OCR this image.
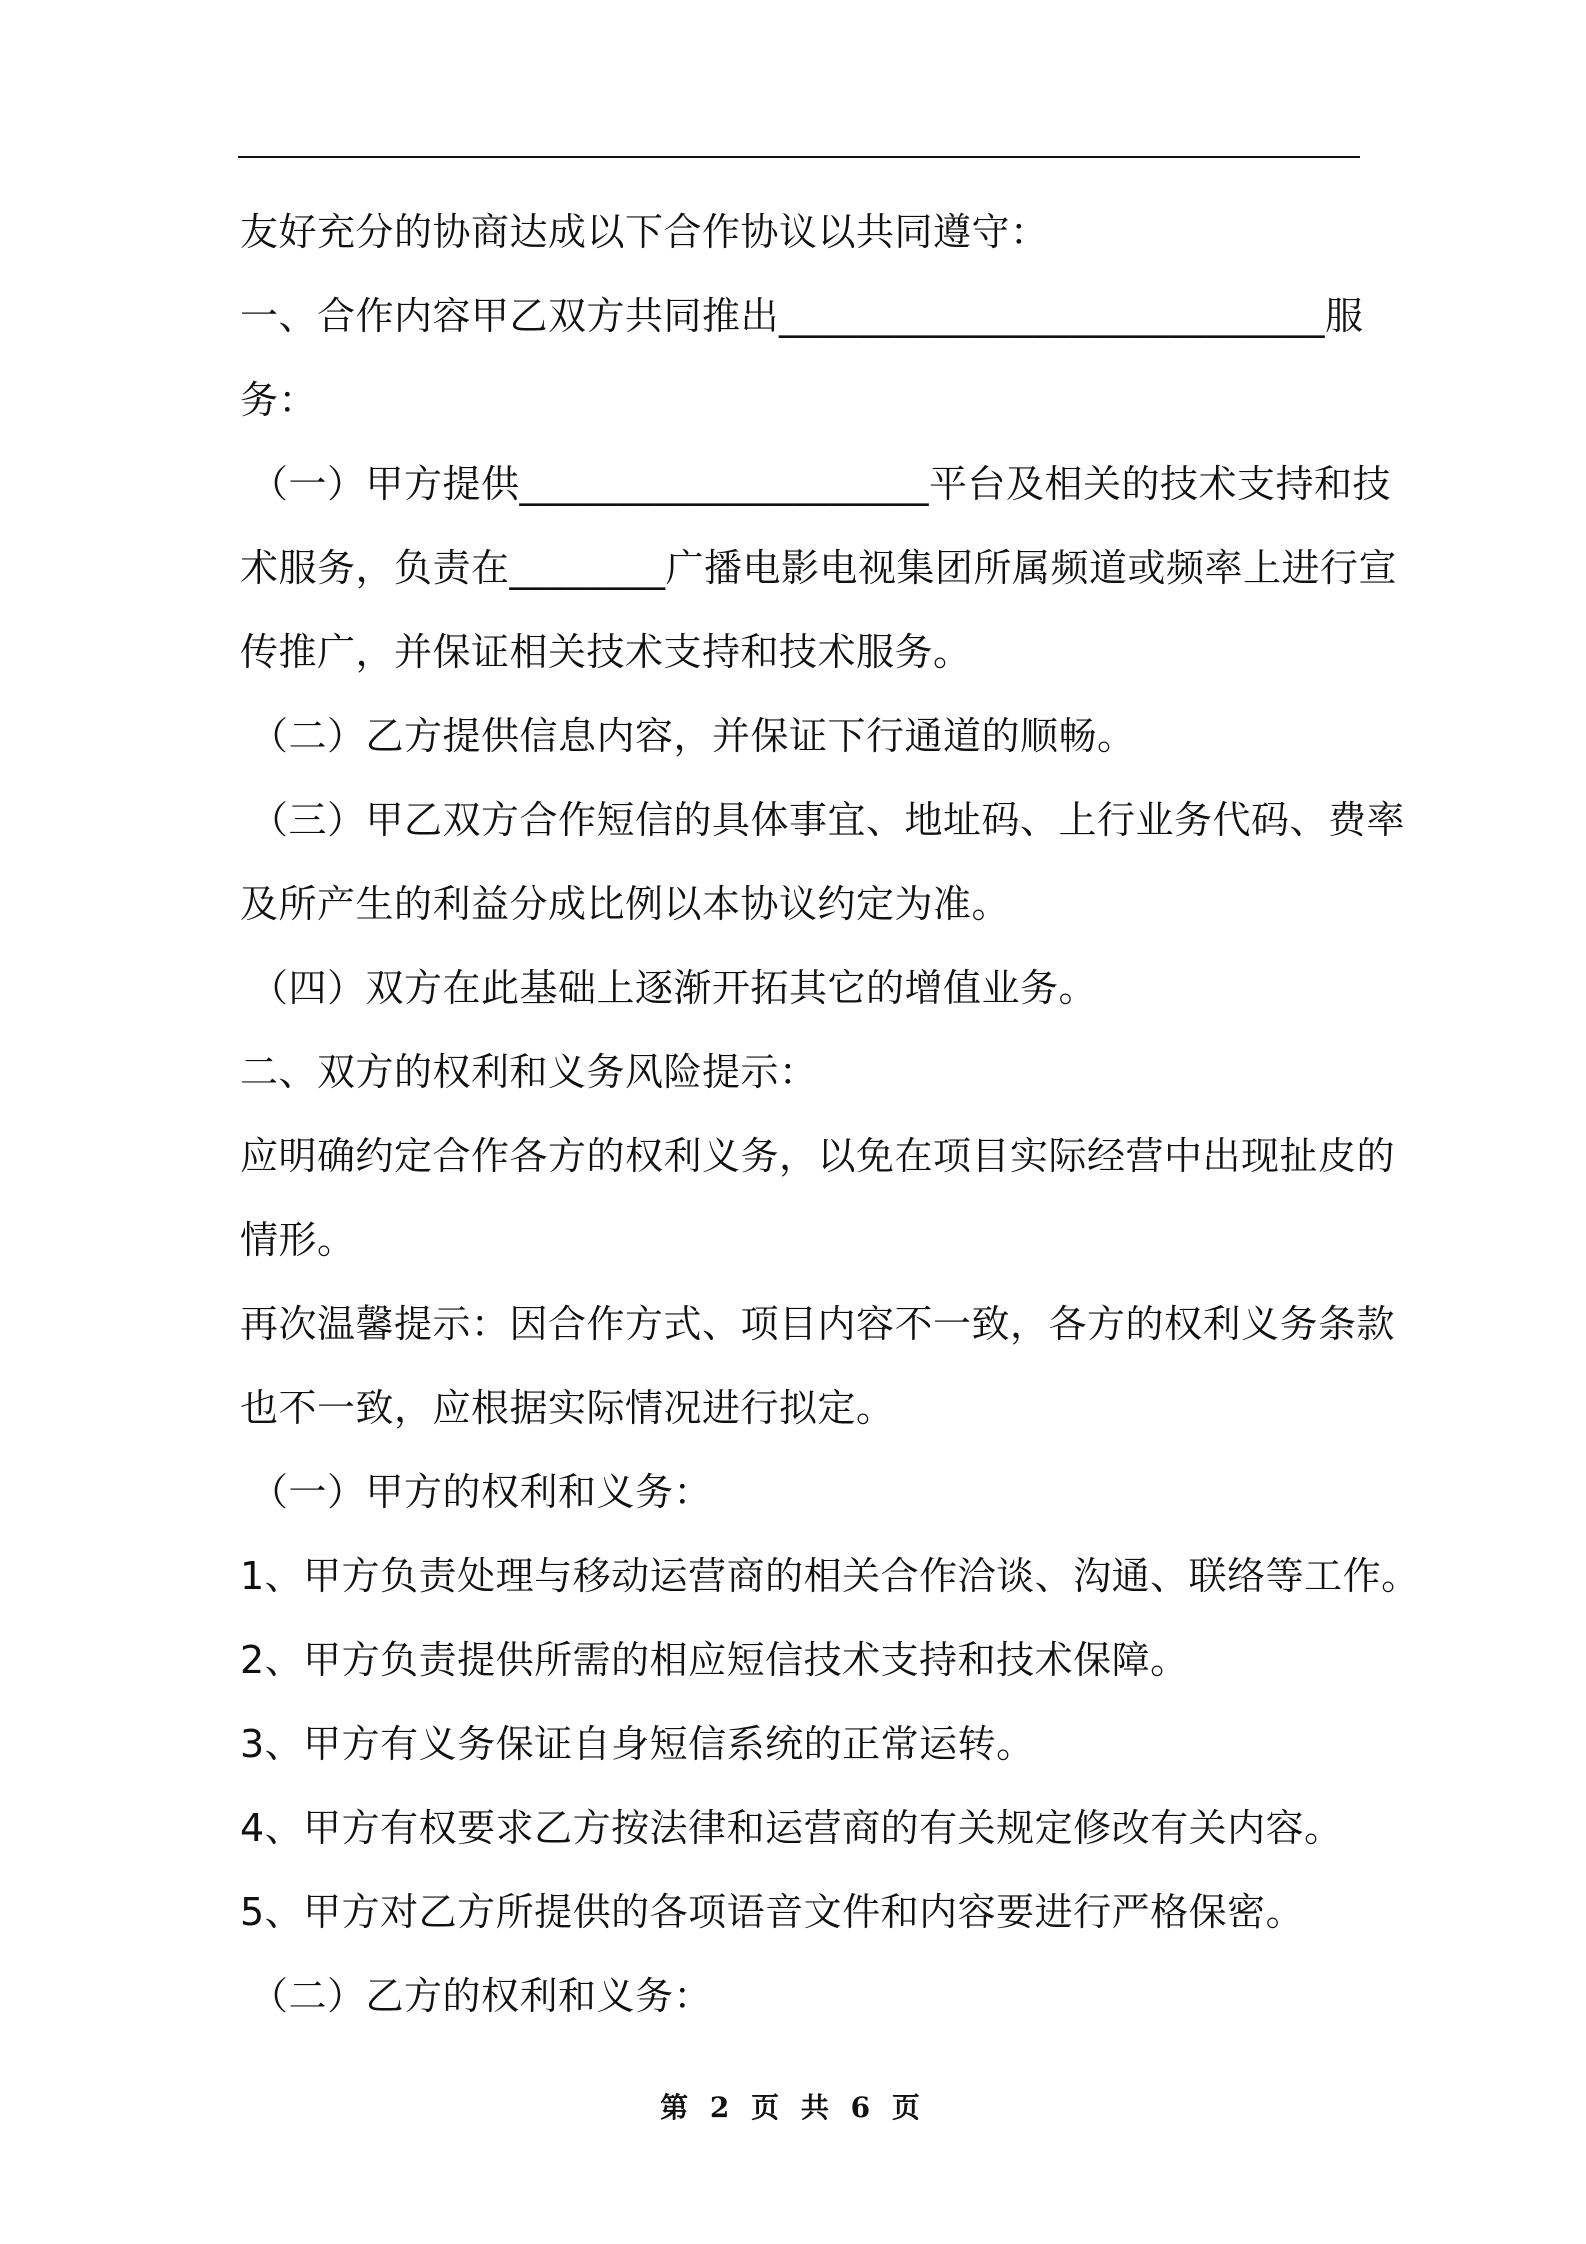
友好充分的协商达成以下合作协议以共同遵守：
一、合作内容甲乙双方共同推出____________________________服
务：
（一）甲方提供_____________________平台及相关的技术支持和技
术服务，负责在________广播电影电视集团所属频道或频率上进行宣
传推广，并保证相关技术支持和技术服务。
（二）乙方提供信息内容，并保证下行通道的顺畅。
（三）甲乙双方合作短信的具体事宜、地址码、上行业务代码、费率
及所产生的利益分成比例以本协议约定为准。
（四）双方在此基础上逐渐开拓其它的增值业务。
二、双方的权利和义务风险提示：
应明确约定合作各方的权利义务，以免在项目实际经营中出现扯皮的
情形。
再次温馨提示：因合作方式、项目内容不一致，各方的权利义务条款
也不一致，应根据实际情况进行拟定。
（一）甲方的权利和义务：
1、甲方负责处理与移动运营商的相关合作洽谈、沟通、联络等工作。
2、甲方负责提供所需的相应短信技术支持和技术保障。
3、甲方有义务保证自身短信系统的正常运转。
4、甲方有权要求乙方按法律和运营商的有关规定修改有关内容。
5、甲方对乙方所提供的各项语音文件和内容要进行严格保密。
（二）乙方的权利和义务：
第 2 页 共 6 页
